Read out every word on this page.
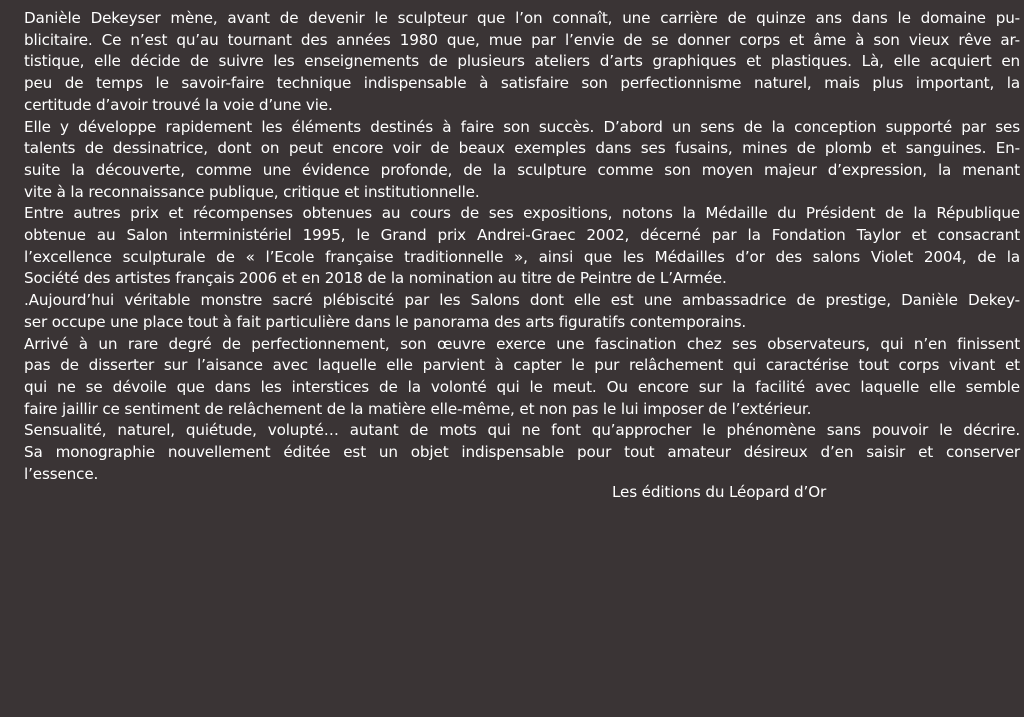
Danièle Dekeyser mène, avant de devenir le sculpteur que l’on connaît, une carrière de quinze ans dans le domaine pu-
blicitaire. Ce n’est qu’au tournant des années 1980 que, mue par l’envie de se donner corps et âme à son vieux rêve ar-
tistique, elle décide de suivre les enseignements de plusieurs ateliers d’arts graphiques et plastiques. Là, elle acquiert en
peu de temps le savoir-faire technique indispensable à satisfaire son perfectionnisme naturel, mais plus important, la
certitude d’avoir trouvé la voie d’une vie.
Elle y développe rapidement les éléments destinés à faire son succès. D’abord un sens de la conception supporté par ses
talents de dessinatrice, dont on peut encore voir de beaux exemples dans ses fusains, mines de plomb et sanguines. En-
suite la découverte, comme une évidence profonde, de la sculpture comme son moyen majeur d’expression, la menant
vite à la reconnaissance publique, critique et institutionnelle.
Entre autres prix et récompenses obtenues au cours de ses expositions, notons la Médaille du Président de la République
obtenue au Salon interministériel 1995, le Grand prix Andrei-Graec 2002, décerné par la Fondation Taylor et consacrant
l’excellence sculpturale de « l’Ecole française traditionnelle », ainsi que les Médailles d’or des salons Violet 2004, de la
Société des artistes français 2006 et en 2018 de la nomination au titre de Peintre de L’Armée.
.Aujourd’hui véritable monstre sacré plébiscité par les Salons dont elle est une ambassadrice de prestige, Danièle Dekey-
ser occupe une place tout à fait particulière dans le panorama des arts figuratifs contemporains.
Arrivé à un rare degré de perfectionnement, son œuvre exerce une fascination chez ses observateurs, qui n’en finissent
pas de disserter sur l’aisance avec laquelle elle parvient à capter le pur relâchement qui caractérise tout corps vivant et
qui ne se dévoile que dans les interstices de la volonté qui le meut. Ou encore sur la facilité avec laquelle elle semble
faire jaillir ce sentiment de relâchement de la matière elle-même, et non pas le lui imposer de l’extérieur.
Sensualité, naturel, quiétude, volupté… autant de mots qui ne font qu’approcher le phénomène sans pouvoir le décrire.
Sa monographie nouvellement éditée est un objet indispensable pour tout amateur désireux d’en saisir et conserver
l’essence.
Les éditions du Léopard d’Or
